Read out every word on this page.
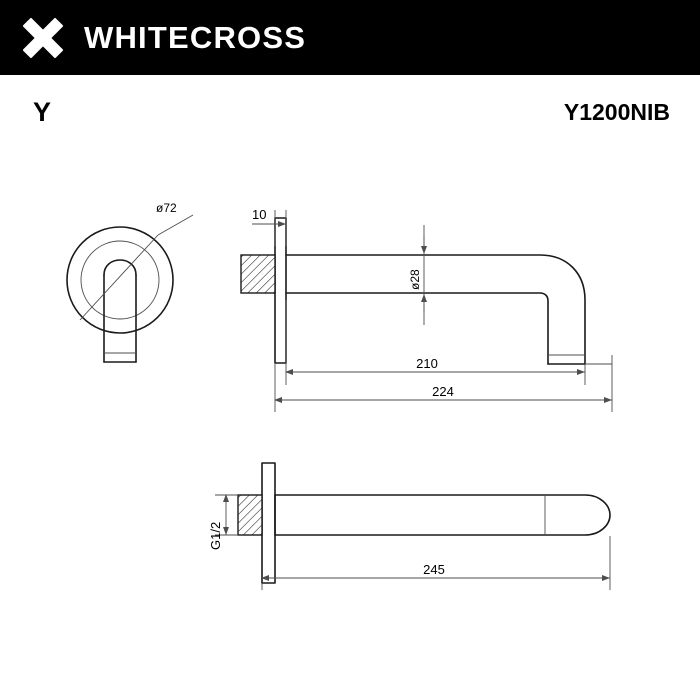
WHITECROSS
Y	Y1200NIB
ø72
ø28
10
210
224
G1/2
245
